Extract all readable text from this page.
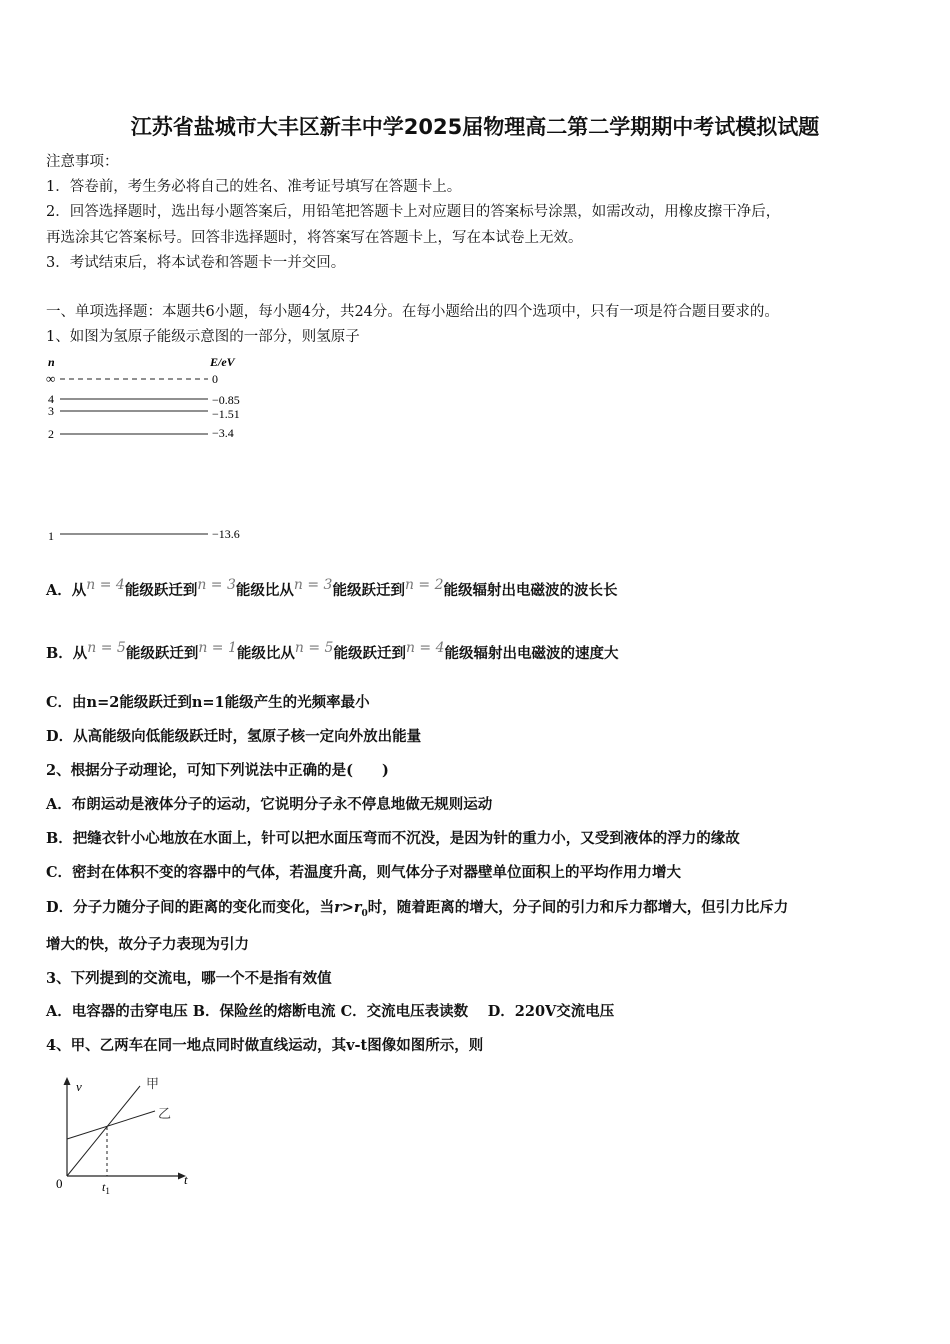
江苏省盐城市大丰区新丰中学2025届物理高二第二学期期中考试模拟试题
注意事项：
1．答卷前，考生务必将自己的姓名、准考证号填写在答题卡上。
2．回答选择题时，选出每小题答案后，用铅笔把答题卡上对应题目的答案标号涂黑，如需改动，用橡皮擦干净后，
再选涂其它答案标号。回答非选择题时，将答案写在答题卡上，写在本试卷上无效。
3．考试结束后，将本试卷和答题卡一并交回。
一、单项选择题：本题共6小题，每小题4分，共24分。在每小题给出的四个选项中，只有一项是符合题目要求的。
1、如图为氢原子能级示意图的一部分，则氢原子
n	E/eV
∞	0
4	−0.85
3	−1.51
2	−3.4
1	−13.6
A．从n = 4能级跃迁到n = 3能级比从n = 3能级跃迁到n = 2能级辐射出电磁波的波长长
B．从n = 5能级跃迁到n = 1能级比从n = 5能级跃迁到n = 4能级辐射出电磁波的速度大
C．由n=2能级跃迁到n=1能级产生的光频率最小
D．从高能级向低能级跃迁时，氢原子核一定向外放出能量
2、根据分子动理论，可知下列说法中正确的是(　　)
A．布朗运动是液体分子的运动，它说明分子永不停息地做无规则运动
B．把缝衣针小心地放在水面上，针可以把水面压弯而不沉没，是因为针的重力小，又受到液体的浮力的缘故
C．密封在体积不变的容器中的气体，若温度升高，则气体分子对器壁单位面积上的平均作用力增大
D．分子力随分子间的距离的变化而变化，当$r>r_0$时，随着距离的增大，分子间的引力和斥力都增大，但引力比斥力
增大的快，故分子力表现为引力
3、下列提到的交流电，哪一个不是指有效值
A．电容器的击穿电压 B．保险丝的熔断电流 C．交流电压表读数　 D．220V交流电压
4、甲、乙两车在同一地点同时做直线运动，其v-t图像如图所示，则
v
t
0	$t_1$
甲
乙
